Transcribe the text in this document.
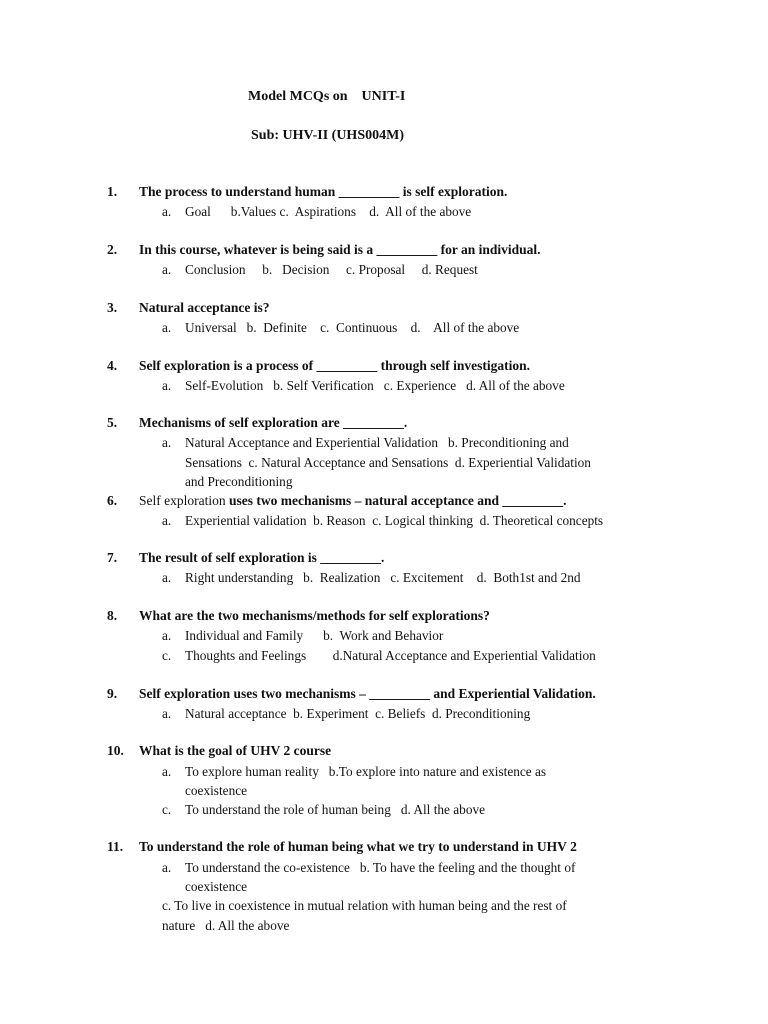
Model MCQs on    UNIT-I
Sub: UHV-II (UHS004M)
1. The process to understand human _________ is self exploration.
a. Goal      b.Values c.  Aspirations    d.  All of the above
2. In this course, whatever is being said is a _________ for an individual.
a. Conclusion     b.   Decision     c. Proposal     d. Request
3. Natural acceptance is?
a. Universal   b.  Definite    c.  Continuous    d.    All of the above
4. Self exploration is a process of _________ through self investigation.
a. Self-Evolution   b. Self Verification   c. Experience   d. All of the above
5. Mechanisms of self exploration are _________.
a. Natural Acceptance and Experiential Validation   b. Preconditioning and
Sensations  c. Natural Acceptance and Sensations  d. Experiential Validation
and Preconditioning
6. Self exploration uses two mechanisms – natural acceptance and _________.
a. Experiential validation  b. Reason  c. Logical thinking  d. Theoretical concepts
7. The result of self exploration is _________.
a. Right understanding   b.  Realization   c. Excitement    d.  Both1st and 2nd
8. What are the two mechanisms/methods for self explorations?
a. Individual and Family      b.  Work and Behavior
c. Thoughts and Feelings        d.Natural Acceptance and Experiential Validation
9. Self exploration uses two mechanisms – _________ and Experiential Validation.
a. Natural acceptance  b. Experiment  c. Beliefs  d. Preconditioning
10. What is the goal of UHV 2 course
a. To explore human reality   b.To explore into nature and existence as
coexistence
c. To understand the role of human being   d. All the above
11. To understand the role of human being what we try to understand in UHV 2
a. To understand the co-existence   b. To have the feeling and the thought of
coexistence
c. To live in coexistence in mutual relation with human being and the rest of
nature   d. All the above
